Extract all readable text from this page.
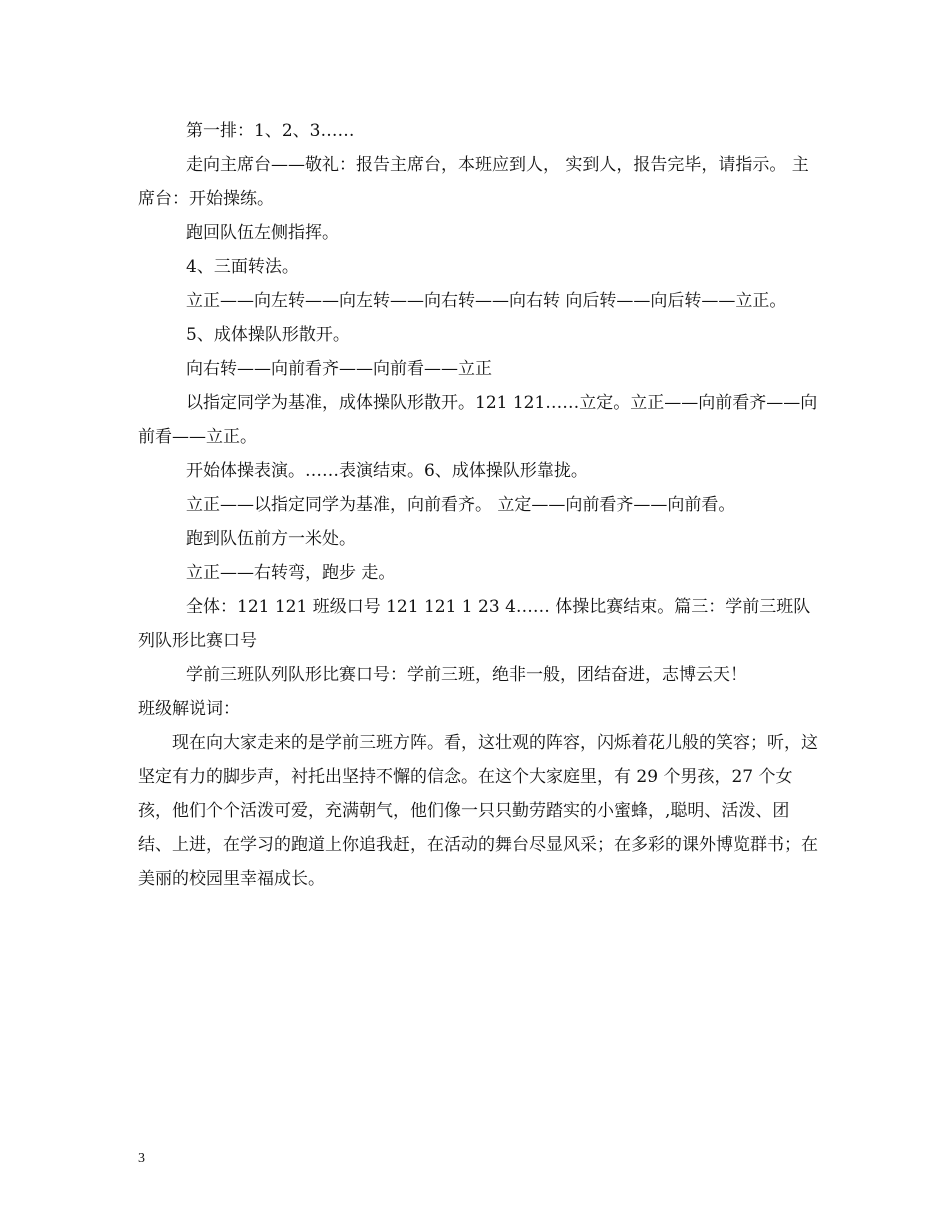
第一排：1、2、3……

走向主席台——敬礼：报告主席台，本班应到人， 实到人，报告完毕，请指示。 主席台：开始操练。

跑回队伍左侧指挥。

4、三面转法。

立正——向左转——向左转——向右转——向右转 向后转——向后转——立正。

5、成体操队形散开。

向右转——向前看齐——向前看——立正

以指定同学为基准，成体操队形散开。121 121……立定。立正——向前看齐——向前看——立正。

开始体操表演。……表演结束。6、成体操队形靠拢。

立正——以指定同学为基准，向前看齐。 立定——向前看齐——向前看。

跑到队伍前方一米处。

立正——右转弯，跑步 走。

全体：121 121 班级口号 121 121 1 23 4…… 体操比赛结束。篇三：学前三班队列队形比赛口号

学前三班队列队形比赛口号：学前三班，绝非一般，团结奋进，志博云天！

班级解说词：

现在向大家走来的是学前三班方阵。看，这壮观的阵容，闪烁着花儿般的笑容；听，这坚定有力的脚步声，衬托出坚持不懈的信念。在这个大家庭里，有 29 个男孩，27 个女孩，他们个个活泼可爱，充满朝气，他们像一只只勤劳踏实的小蜜蜂，,聪明、活泼、团结、上进，在学习的跑道上你追我赶，在活动的舞台尽显风采；在多彩的课外博览群书；在美丽的校园里幸福成长。

3
